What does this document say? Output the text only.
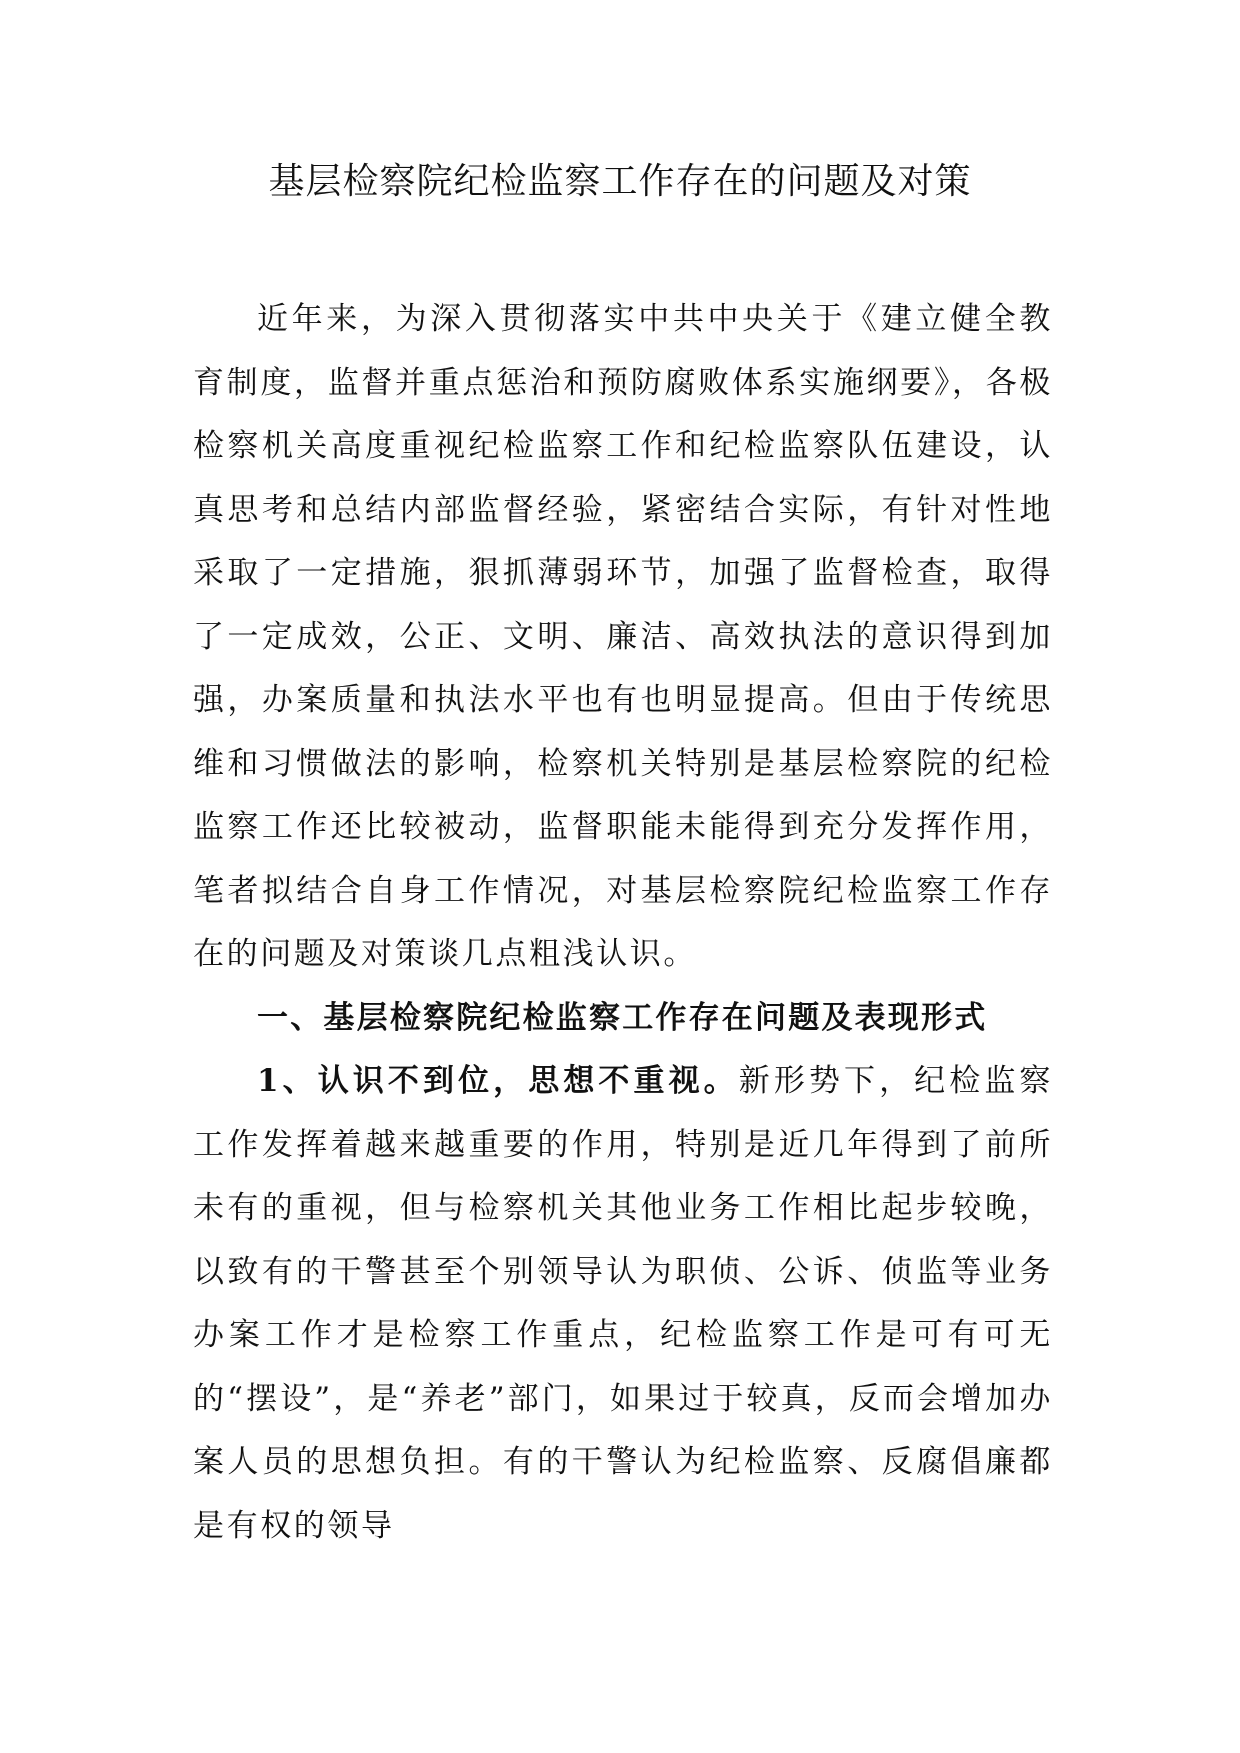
基层检察院纪检监察工作存在的问题及对策

近年来，为深入贯彻落实中共中央关于《建立健全教育制度，监督并重点惩治和预防腐败体系实施纲要》，各极检察机关高度重视纪检监察工作和纪检监察队伍建设，认真思考和总结内部监督经验，紧密结合实际，有针对性地采取了一定措施，狠抓薄弱环节，加强了监督检查，取得了一定成效，公正、文明、廉洁、高效执法的意识得到加强，办案质量和执法水平也有也明显提高。但由于传统思维和习惯做法的影响，检察机关特别是基层检察院的纪检监察工作还比较被动，监督职能未能得到充分发挥作用，笔者拟结合自身工作情况，对基层检察院纪检监察工作存在的问题及对策谈几点粗浅认识。

一、基层检察院纪检监察工作存在问题及表现形式

1、认识不到位，思想不重视。新形势下，纪检监察工作发挥着越来越重要的作用，特别是近几年得到了前所未有的重视，但与检察机关其他业务工作相比起步较晚，以致有的干警甚至个别领导认为职侦、公诉、侦监等业务办案工作才是检察工作重点，纪检监察工作是可有可无的“摆设”，是“养老”部门，如果过于较真，反而会增加办案人员的思想负担。有的干警认为纪检监察、反腐倡廉都是有权的领导
